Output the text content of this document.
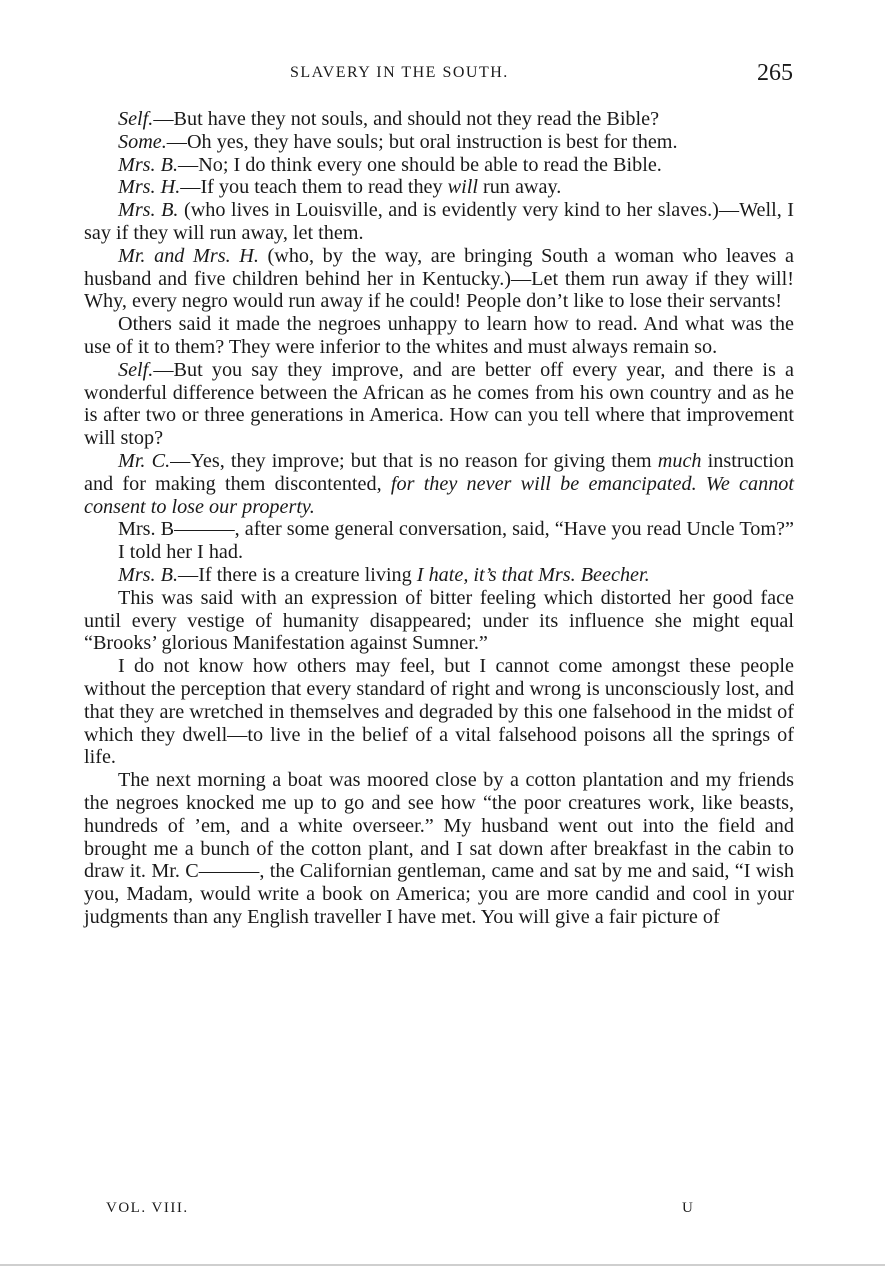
SLAVERY IN THE SOUTH.	265

Self.—But have they not souls, and should not they read the Bible?

Some.—Oh yes, they have souls; but oral instruction is best for them.

Mrs. B.—No; I do think every one should be able to read the Bible.

Mrs. H.—If you teach them to read they will run away.

Mrs. B. (who lives in Louisville, and is evidently very kind to her slaves.)—Well, I say if they will run away, let them.

Mr. and Mrs. H. (who, by the way, are bringing South a woman who leaves a husband and five children behind her in Kentucky.)—Let them run away if they will! Why, every negro would run away if he could! People don’t like to lose their servants!

Others said it made the negroes unhappy to learn how to read. And what was the use of it to them? They were inferior to the whites and must always remain so.

Self.—But you say they improve, and are better off every year, and there is a wonderful difference between the African as he comes from his own country and as he is after two or three generations in America. How can you tell where that improvement will stop?

Mr. C.—Yes, they improve; but that is no reason for giving them much instruction and for making them discontented, for they never will be emancipated. We cannot consent to lose our property.

Mrs. B———, after some general conversation, said, “Have you read Uncle Tom?”

I told her I had.

Mrs. B.—If there is a creature living I hate, it’s that Mrs. Beecher.

This was said with an expression of bitter feeling which distorted her good face until every vestige of humanity disappeared; under its influence she might equal “Brooks’ glorious Manifestation against Sumner.”

I do not know how others may feel, but I cannot come amongst these people without the perception that every standard of right and wrong is unconsciously lost, and that they are wretched in themselves and degraded by this one falsehood in the midst of which they dwell—to live in the belief of a vital falsehood poisons all the springs of life.

The next morning a boat was moored close by a cotton plantation and my friends the negroes knocked me up to go and see how “the poor creatures work, like beasts, hundreds of ’em, and a white overseer.” My husband went out into the field and brought me a bunch of the cotton plant, and I sat down after breakfast in the cabin to draw it. Mr. C———, the Californian gentleman, came and sat by me and said, “I wish you, Madam, would write a book on America; you are more candid and cool in your judgments than any English traveller I have met. You will give a fair picture of

VOL. VIII.	U
